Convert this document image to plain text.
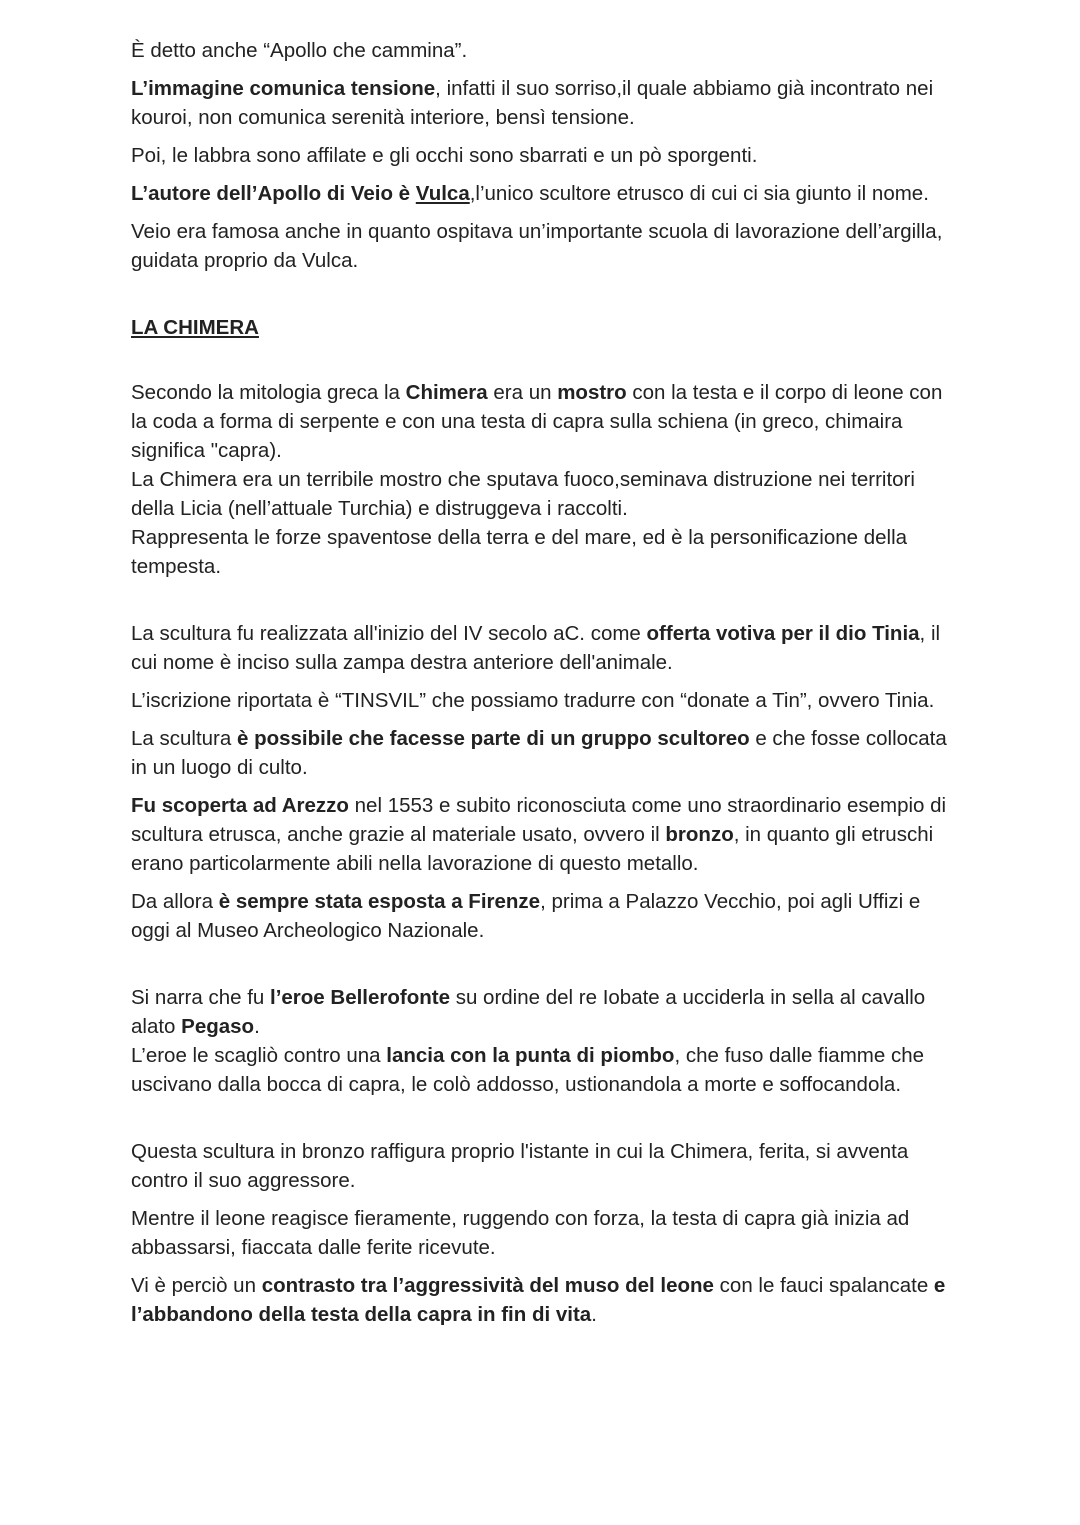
È detto anche “Apollo che cammina”.

L’immagine comunica tensione, infatti il suo sorriso,il quale abbiamo già incontrato nei kouroi, non comunica serenità interiore, bensì tensione.

Poi, le labbra sono affilate e gli occhi sono sbarrati e un pò sporgenti.

L’autore dell’Apollo di Veio è Vulca,l’unico scultore etrusco di cui ci sia giunto il nome.

Veio era famosa anche in quanto ospitava un’importante scuola di lavorazione dell’argilla, guidata proprio da Vulca.

LA CHIMERA

Secondo la mitologia greca la Chimera era un mostro con la testa e il corpo di leone con la coda a forma di serpente e con una testa di capra sulla schiena (in greco, chimaira significa "capra).
La Chimera era un terribile mostro che sputava fuoco,seminava distruzione nei territori della Licia (nell’attuale Turchia) e distruggeva i raccolti.
Rappresenta le forze spaventose della terra e del mare, ed è la personificazione della tempesta.

La scultura fu realizzata all'inizio del IV secolo aC. come offerta votiva per il dio Tinia, il cui nome è inciso sulla zampa destra anteriore dell'animale.

L’iscrizione riportata è “TINSVIL” che possiamo tradurre con “donate a Tin”, ovvero Tinia.

La scultura è possibile che facesse parte di un gruppo scultoreo e che fosse collocata in un luogo di culto.

Fu scoperta ad Arezzo nel 1553 e subito riconosciuta come uno straordinario esempio di scultura etrusca, anche grazie al materiale usato, ovvero il bronzo, in quanto gli etruschi erano particolarmente abili nella lavorazione di questo metallo.

Da allora è sempre stata esposta a Firenze, prima a Palazzo Vecchio, poi agli Uffizi e oggi al Museo Archeologico Nazionale.

Si narra che fu l’eroe Bellerofonte su ordine del re Iobate a ucciderla in sella al cavallo alato Pegaso.
L’eroe le scagliò contro una lancia con la punta di piombo, che fuso dalle fiamme che uscivano dalla bocca di capra, le colò addosso, ustionandola a morte e soffocandola.

Questa scultura in bronzo raffigura proprio l'istante in cui la Chimera, ferita, si avventa contro il suo aggressore.

Mentre il leone reagisce fieramente, ruggendo con forza, la testa di capra già inizia ad abbassarsi, fiaccata dalle ferite ricevute.

Vi è perciò un contrasto tra l’aggressività del muso del leone con le fauci spalancate e l’abbandono della testa della capra in fin di vita.
